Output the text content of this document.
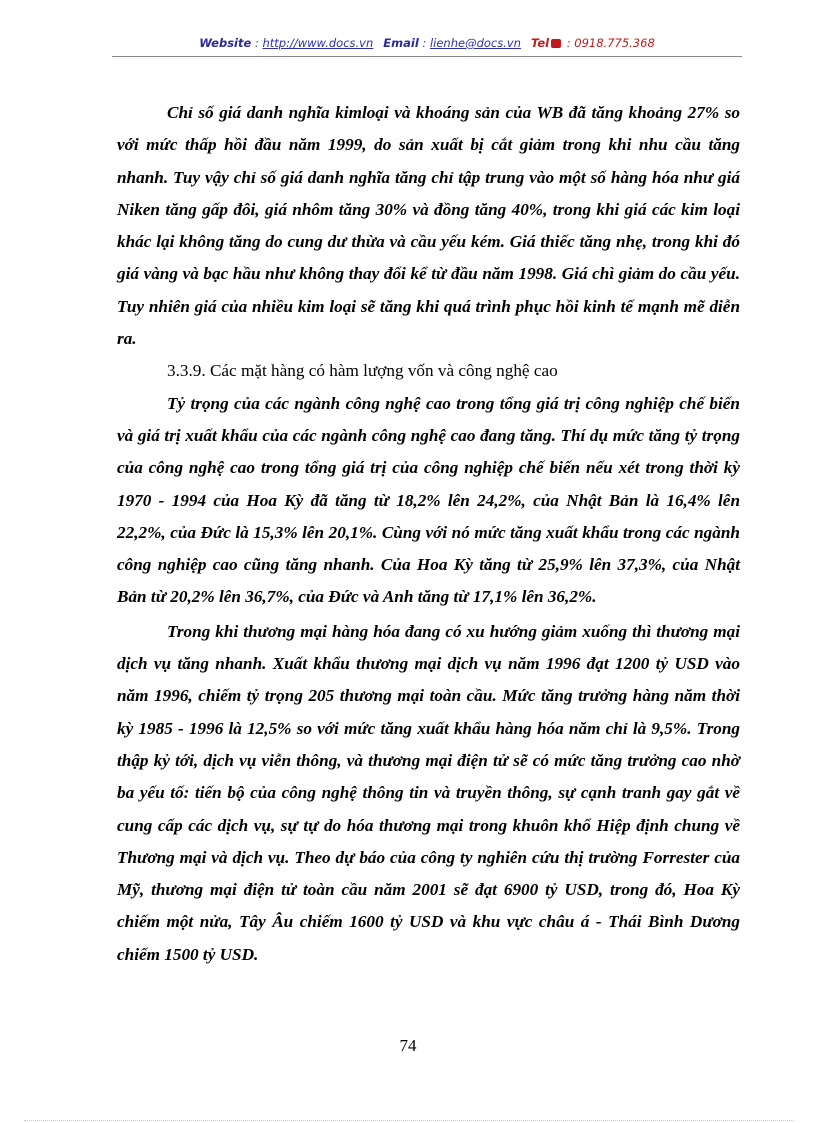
Website : http://www.docs.vn Email : lienhe@docs.vn Tel : 0918.775.368

Chỉ số giá danh nghĩa kimloại và khoáng sản của WB đã tăng khoảng 27% so với mức thấp hồi đầu năm 1999, do sản xuất bị cắt giảm trong khi nhu cầu tăng nhanh. Tuy vậy chỉ số giá danh nghĩa tăng chỉ tập trung vào một số hàng hóa như giá Niken tăng gấp đôi, giá nhôm tăng 30% và đồng tăng 40%, trong khi giá các kim loại khác lại không tăng do cung dư thừa và cầu yếu kém. Giá thiếc tăng nhẹ, trong khi đó giá vàng và bạc hầu như không thay đổi kể từ đầu năm 1998. Giá chì giảm do cầu yếu. Tuy nhiên giá của nhiều kim loại sẽ tăng khi quá trình phục hồi kinh tế mạnh mẽ diễn ra.

3.3.9. Các mặt hàng có hàm lượng vốn và công nghệ cao

Tỷ trọng của các ngành công nghệ cao trong tổng giá trị công nghiệp chế biến và giá trị xuất khẩu của các ngành công nghệ cao đang tăng. Thí dụ mức tăng tỷ trọng của công nghệ cao trong tổng giá trị của công nghiệp chế biến nếu xét trong thời kỳ 1970 - 1994 của Hoa Kỳ đã tăng từ 18,2% lên 24,2%, của Nhật Bản là 16,4% lên 22,2%, của Đức là 15,3% lên 20,1%. Cùng với nó mức tăng xuất khẩu trong các ngành công nghiệp cao cũng tăng nhanh. Của Hoa Kỳ tăng từ 25,9% lên 37,3%, của Nhật Bản từ 20,2% lên 36,7%, của Đức và Anh tăng từ 17,1% lên 36,2%.

Trong khi thương mại hàng hóa đang có xu hướng giảm xuống thì thương mại dịch vụ tăng nhanh. Xuất khẩu thương mại dịch vụ năm 1996 đạt 1200 tỷ USD vào năm 1996, chiếm tỷ trọng 205 thương mại toàn cầu. Mức tăng trưởng hàng năm thời kỳ 1985 - 1996 là 12,5% so với mức tăng xuất khẩu hàng hóa năm chỉ là 9,5%. Trong thập kỷ tới, dịch vụ viễn thông, và thương mại điện tử sẽ có mức tăng trưởng cao nhờ ba yếu tố: tiến bộ của công nghệ thông tin và truyền thông, sự cạnh tranh gay gắt về cung cấp các dịch vụ, sự tự do hóa thương mại trong khuôn khổ Hiệp định chung về Thương mại và dịch vụ. Theo dự báo của công ty nghiên cứu thị trường Forrester của Mỹ, thương mại điện tử toàn cầu năm 2001 sẽ đạt 6900 tỷ USD, trong đó, Hoa Kỳ chiếm một nửa, Tây Âu chiếm 1600 tỷ USD và khu vực châu á - Thái Bình Dương chiếm 1500 tỷ USD.

74
